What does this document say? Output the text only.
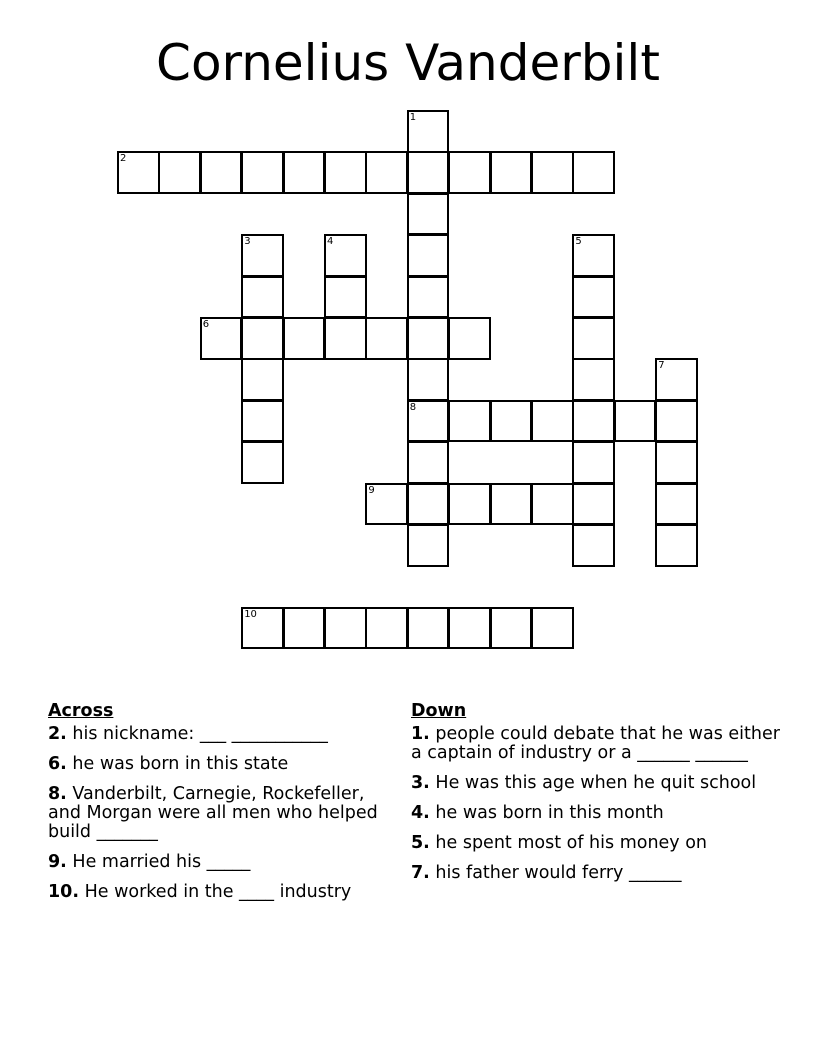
Cornelius Vanderbilt
1
8
2
3	4	5
6
7
9
10
Across
2. his nickname: ___ ___________
6. he was born in this state
8. Vanderbilt, Carnegie, Rockefeller, and Morgan were all men who helped build _______
9. He married his _____
10. He worked in the ____ industry
Down
1. people could debate that he was either a captain of industry or a ______ ______
3. He was this age when he quit school
4. he was born in this month
5. he spent most of his money on
7. his father would ferry ______
